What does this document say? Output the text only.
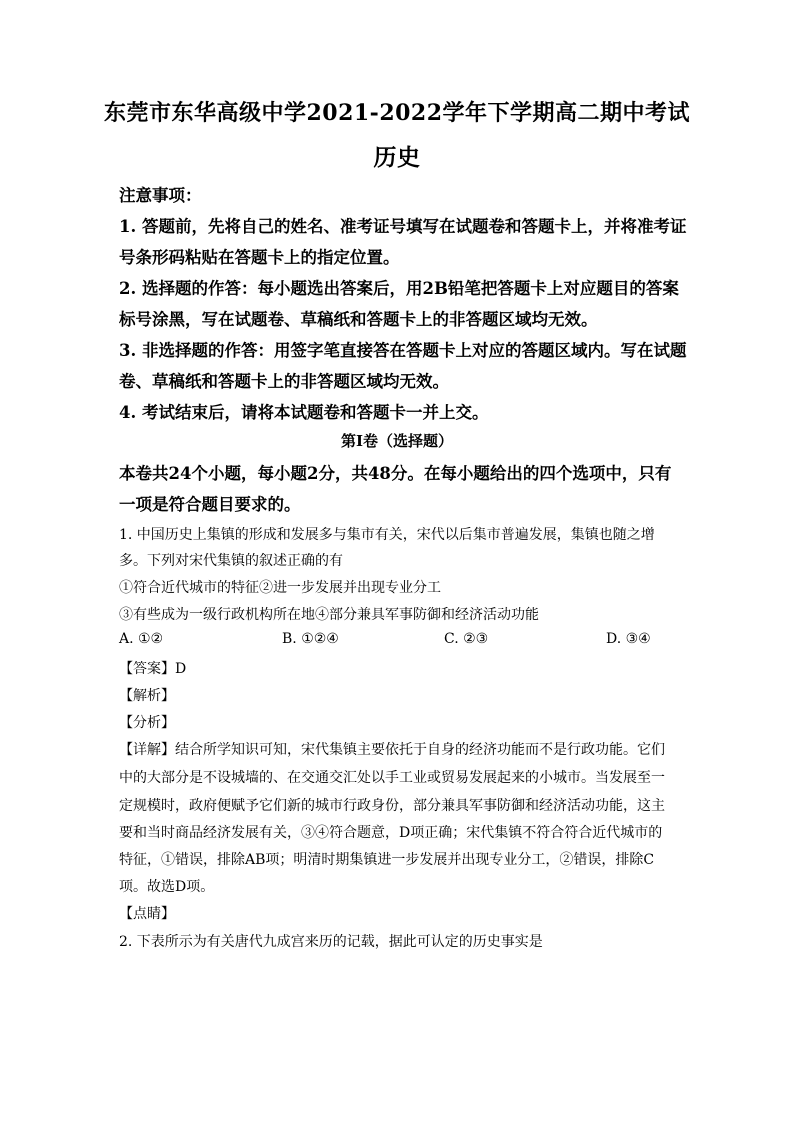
东莞市东华高级中学2021-2022学年下学期高二期中考试
历史
注意事项：
1. 答题前，先将自己的姓名、准考证号填写在试题卷和答题卡上，并将准考证
号条形码粘贴在答题卡上的指定位置。
2. 选择题的作答：每小题选出答案后，用2B铅笔把答题卡上对应题目的答案
标号涂黑，写在试题卷、草稿纸和答题卡上的非答题区域均无效。
3. 非选择题的作答：用签字笔直接答在答题卡上对应的答题区域内。写在试题
卷、草稿纸和答题卡上的非答题区域均无效。
4. 考试结束后，请将本试题卷和答题卡一并上交。
第Ⅰ卷（选择题）
本卷共24个小题，每小题2分，共48分。在每小题给出的四个选项中，只有
一项是符合题目要求的。
1. 中国历史上集镇的形成和发展多与集市有关，宋代以后集市普遍发展，集镇也随之增
多。下列对宋代集镇的叙述正确的有
①符合近代城市的特征②进一步发展并出现专业分工
③有些成为一级行政机构所在地④部分兼具军事防御和经济活动功能
A. ①②	B. ①②④	C. ②③	D. ③④
【答案】D
【解析】
【分析】
【详解】结合所学知识可知，宋代集镇主要依托于自身的经济功能而不是行政功能。它们
中的大部分是不设城墙的、在交通交汇处以手工业或贸易发展起来的小城市。当发展至一
定规模时，政府便赋予它们新的城市行政身份，部分兼具军事防御和经济活动功能，这主
要和当时商品经济发展有关，③④符合题意，D项正确；宋代集镇不符合符合近代城市的
特征，①错误，排除AB项；明清时期集镇进一步发展并出现专业分工，②错误，排除C
项。故选D项。
【点睛】
2. 下表所示为有关唐代九成宫来历的记载，据此可认定的历史事实是
